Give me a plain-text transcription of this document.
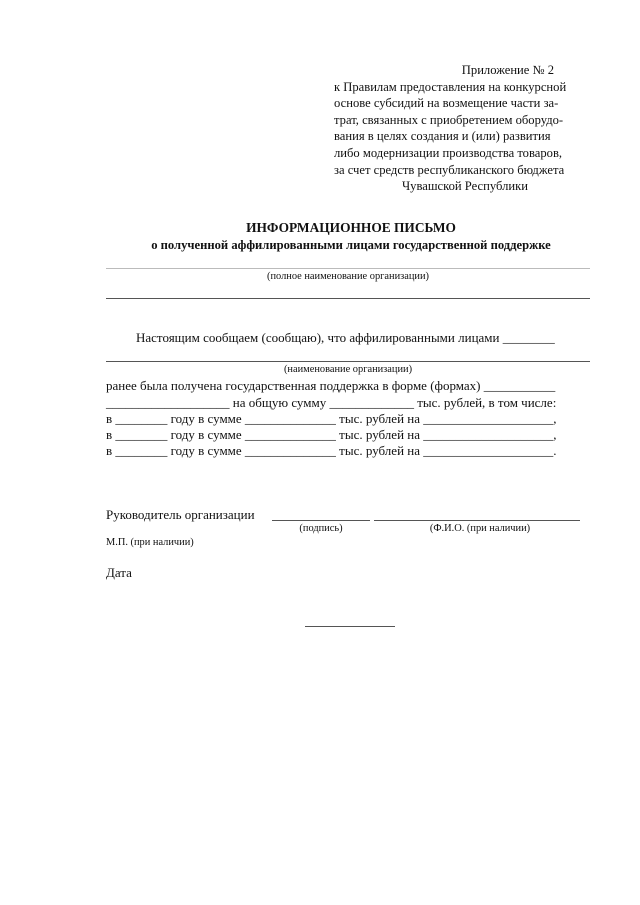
Приложение № 2
к Правилам предоставления на конкурсной
основе субсидий на возмещение части за-
трат, связанных с приобретением оборудо-
вания в целях создания и (или) развития
либо модернизации производства товаров,
за счет средств республиканского бюджета
Чувашской Республики
ИНФОРМАЦИОННОЕ ПИСЬМО
о полученной аффилированными лицами государственной поддержке
(полное наименование организации)
Настоящим сообщаем (сообщаю), что аффилированными лицами ________
(наименование организации)
ранее была получена государственная поддержка в форме (формах) ___________
___________________ на общую сумму _____________ тыс. рублей, в том числе:
в ________ году в сумме ______________ тыс. рублей на ____________________,
в ________ году в сумме ______________ тыс. рублей на ____________________,
в ________ году в сумме ______________ тыс. рублей на ____________________.
Руководитель организации
(подпись)	(Ф.И.О. (при наличии)
М.П. (при наличии)
Дата
